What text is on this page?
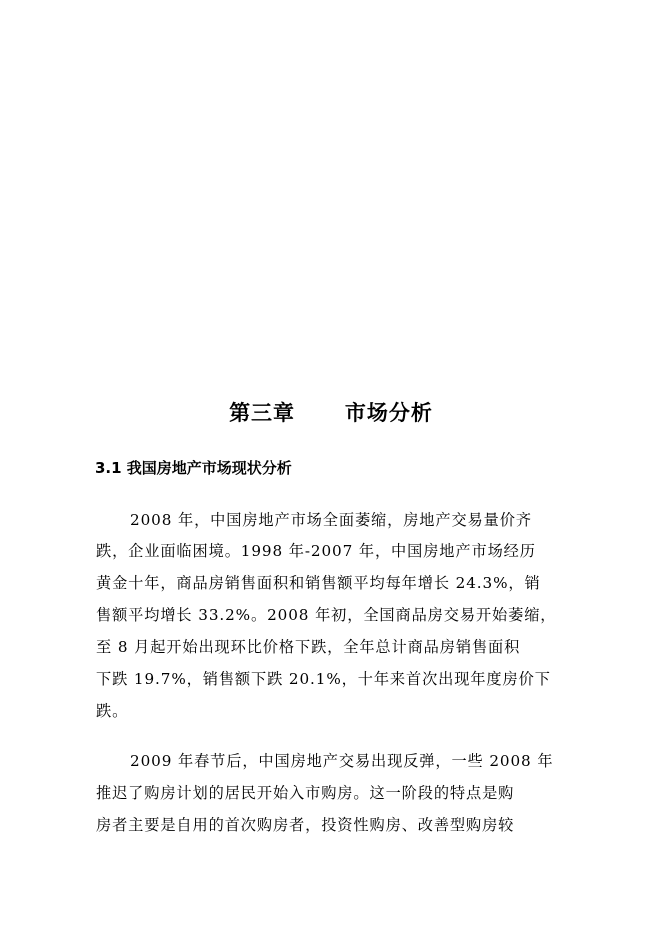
第三章      市场分析
3.1 我国房地产市场现状分析
2008 年，中国房地产市场全面萎缩，房地产交易量价齐
跌，企业面临困境。1998 年-2007 年，中国房地产市场经历
黄金十年，商品房销售面积和销售额平均每年增长 24.3%，销
售额平均增长 33.2%。2008 年初，全国商品房交易开始萎缩，
至 8 月起开始出现环比价格下跌，全年总计商品房销售面积
下跌 19.7%，销售额下跌 20.1%，十年来首次出现年度房价下
跌。
2009 年春节后，中国房地产交易出现反弹，一些 2008 年
推迟了购房计划的居民开始入市购房。这一阶段的特点是购
房者主要是自用的首次购房者，投资性购房、改善型购房较
